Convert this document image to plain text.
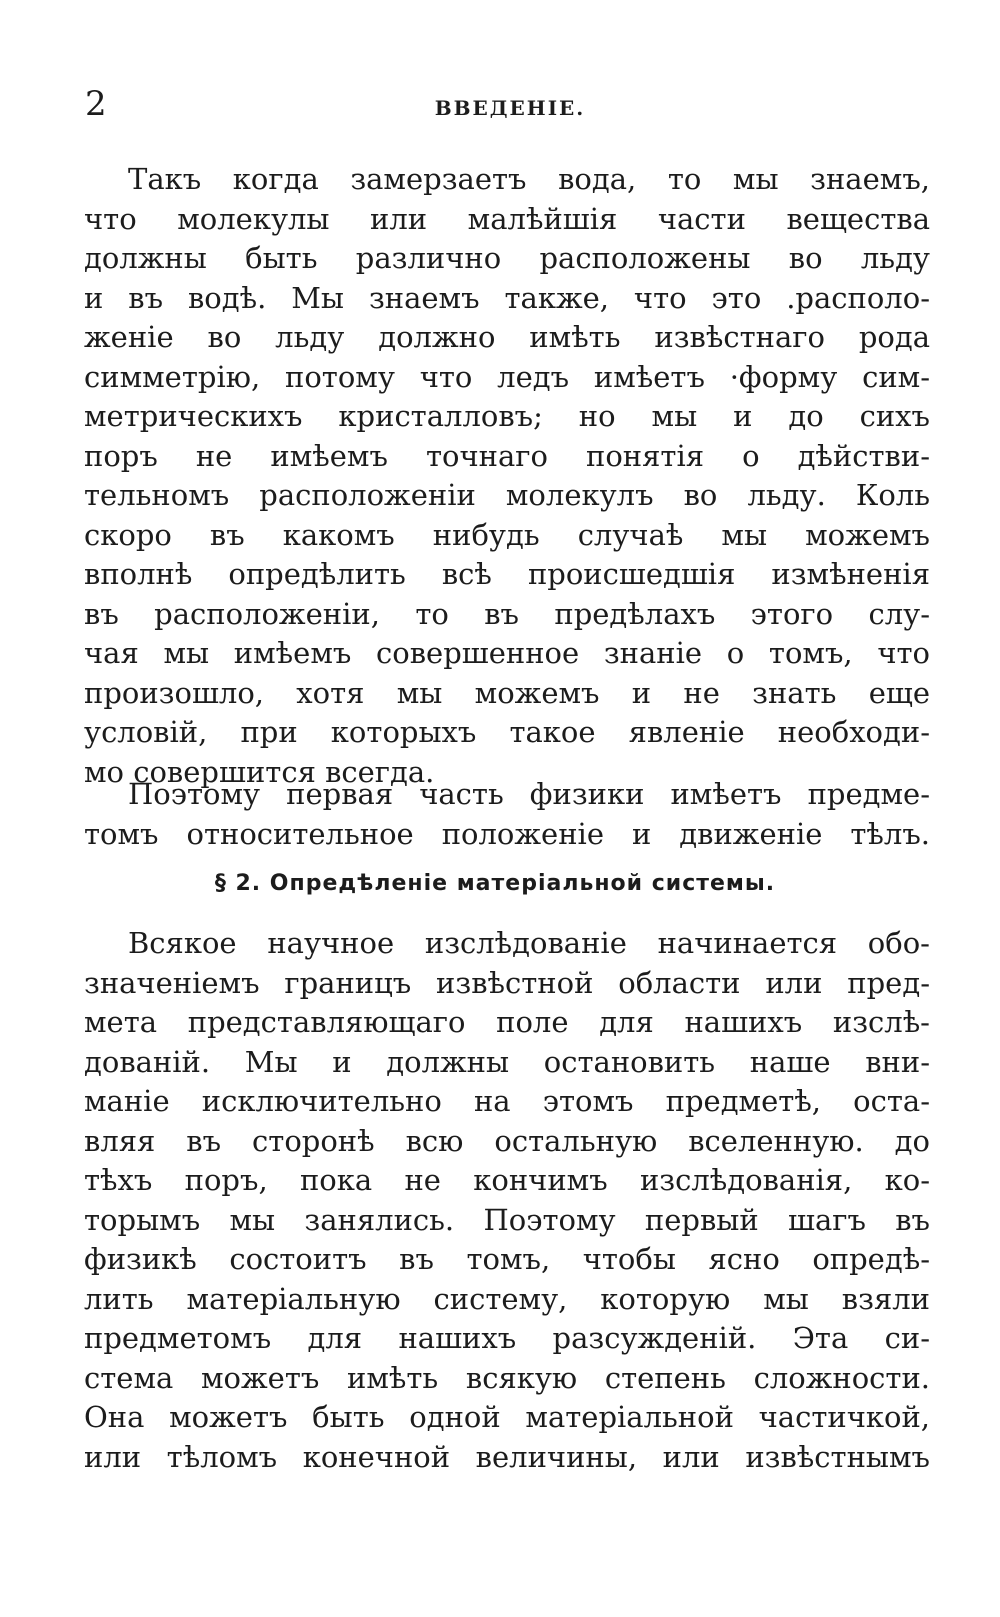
2	ВВЕДЕНІЕ.
Такъ когда замерзаетъ вода, то мы знаемъ,
что молекулы или малѣйшія части вещества
должны быть различно расположены во льду
и въ водѣ. Мы знаемъ также, что это .располо-
женіе во льду должно имѣть извѣстнаго рода
симметрію, потому что ледъ имѣетъ ·форму сим-
метрическихъ кристалловъ; но мы и до сихъ
поръ не имѣемъ точнаго понятія о дѣйстви-
тельномъ расположеніи молекулъ во льду. Коль
скоро въ какомъ нибудь случаѣ мы можемъ
вполнѣ опредѣлить всѣ происшедшія измѣненія
въ расположеніи, то въ предѣлахъ этого слу-
чая мы имѣемъ совершенное знаніе о томъ, что
произошло, хотя мы можемъ и не знать еще
условій, при которыхъ такое явленіе необходи-
мо совершится всегда.
Поэтому первая часть физики имѣетъ предме-
томъ относительное положеніе и движеніе тѣлъ.
§ 2. Опредѣленіе матеріальной системы.
Всякое научное изслѣдованіе начинается обо-
значеніемъ границъ извѣстной области или пред-
мета представляющаго поле для нашихъ изслѣ-
дованій. Мы и должны остановить наше вни-
маніе исключительно на этомъ предметѣ, оста-
вляя въ сторонѣ всю остальную вселенную. до
тѣхъ поръ, пока не кончимъ изслѣдованія, ко-
торымъ мы занялись. Поэтому первый шагъ въ
физикѣ состоитъ въ томъ, чтобы ясно опредѣ-
лить матеріальную систему, которую мы взяли
предметомъ для нашихъ разсужденій. Эта си-
стема можетъ имѣть всякую степень сложности.
Она можетъ быть одной матеріальной частичкой,
или тѣломъ конечной величины, или извѣстнымъ
